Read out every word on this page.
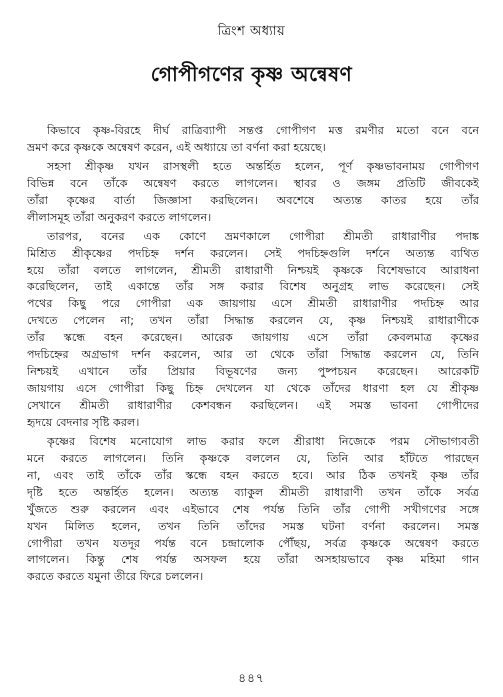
ত্রিংশ অধ্যায়
গোপীগণের কৃষ্ণ অন্বেষণ
কিভাবে কৃষ্ণ-বিরহে দীর্ঘ রাত্রিব্যাপী সন্তপ্ত গোপীগণ মত্ত রমণীর মতো বনে বনে
ভ্রমণ করে কৃষ্ণকে অন্বেষণ করেন, এই অধ্যায়ে তা বর্ণনা করা হয়েছে।
সহসা শ্রীকৃষ্ণ যখন রাসস্থলী হতে অন্তর্হিত হলেন, পূর্ণ কৃষ্ণভাবনাময় গোপীগণ
বিভিন্ন বনে তাঁকে অন্বেষণ করতে লাগলেন। স্থাবর ও জঙ্গম প্রতিটি জীবকেই
তাঁরা কৃষ্ণের বার্তা জিজ্ঞাসা করছিলেন। অবশেষে অত্যন্ত কাতর হয়ে তাঁর
লীলাসমূহ তাঁরা অনুকরণ করতে লাগলেন।
তারপর, বনের এক কোণে ভ্রমণকালে গোপীরা শ্রীমতী রাধারাণীর পদাঙ্ক
মিশ্রিত শ্রীকৃষ্ণের পদচিহ্ন দর্শন করলেন। সেই পদচিহ্নগুলি দর্শনে অত্যন্ত ব্যথিত
হয়ে তাঁরা বলতে লাগলেন, শ্রীমতী রাধারাণী নিশ্চয়ই কৃষ্ণকে বিশেষভাবে আরাধনা
করেছিলেন, তাই একান্তে তাঁর সঙ্গ করার বিশেষ অনুগ্রহ লাভ করেছেন। সেই
পথের কিছু পরে গোপীরা এক জায়গায় এসে শ্রীমতী রাধারাণীর পদচিহ্ন আর
দেখতে পেলেন না; তখন তাঁরা সিদ্ধান্ত করলেন যে, কৃষ্ণ নিশ্চয়ই রাধারাণীকে
তাঁর স্কন্ধে বহন করেছেন। আরেক জায়গায় এসে তাঁরা কেবলমাত্র কৃষ্ণের
পদচিহ্নের অগ্রভাগ দর্শন করলেন, আর তা থেকে তাঁরা সিদ্ধান্ত করলেন যে, তিনি
নিশ্চয়ই এখানে তাঁর প্রিয়ার বিভূষণের জন্য পুষ্পচয়ন করেছেন। আরেকটি
জায়গায় এসে গোপীরা কিছু চিহ্ন দেখলেন যা থেকে তাঁদের ধারণা হল যে শ্রীকৃষ্ণ
সেখানে শ্রীমতী রাধারাণীর কেশবন্ধন করছিলেন। এই সমস্ত ভাবনা গোপীদের
হৃদয়ে বেদনার সৃষ্টি করল।
কৃষ্ণের বিশেষ মনোযোগ লাভ করার ফলে শ্রীরাধা নিজেকে পরম সৌভাগ্যবতী
মনে করতে লাগলেন। তিনি কৃষ্ণকে বললেন যে, তিনি আর হাঁটতে পারছেন
না, এবং তাই তাঁকে তাঁর স্কন্ধে বহন করতে হবে। আর ঠিক তখনই কৃষ্ণ তাঁর
দৃষ্টি হতে অন্তর্হিত হলেন। অত্যন্ত ব্যাকুল শ্রীমতী রাধারাণী তখন তাঁকে সর্বত্র
খুঁজতে শুরু করলেন এবং এইভাবে শেষ পর্যন্ত তিনি তাঁর গোপী সখীগণের সঙ্গে
যখন মিলিত হলেন, তখন তিনি তাঁদের সমস্ত ঘটনা বর্ণনা করলেন। সমস্ত
গোপীরা তখন যতদূর পর্যন্ত বনে চন্দ্রালোক পৌঁছয়, সর্বত্র কৃষ্ণকে অন্বেষণ করতে
লাগলেন। কিন্তু শেষ পর্যন্ত অসফল হয়ে তাঁরা অসহায়ভাবে কৃষ্ণ মহিমা গান
করতে করতে যমুনা তীরে ফিরে চললেন।
৪৪৭
